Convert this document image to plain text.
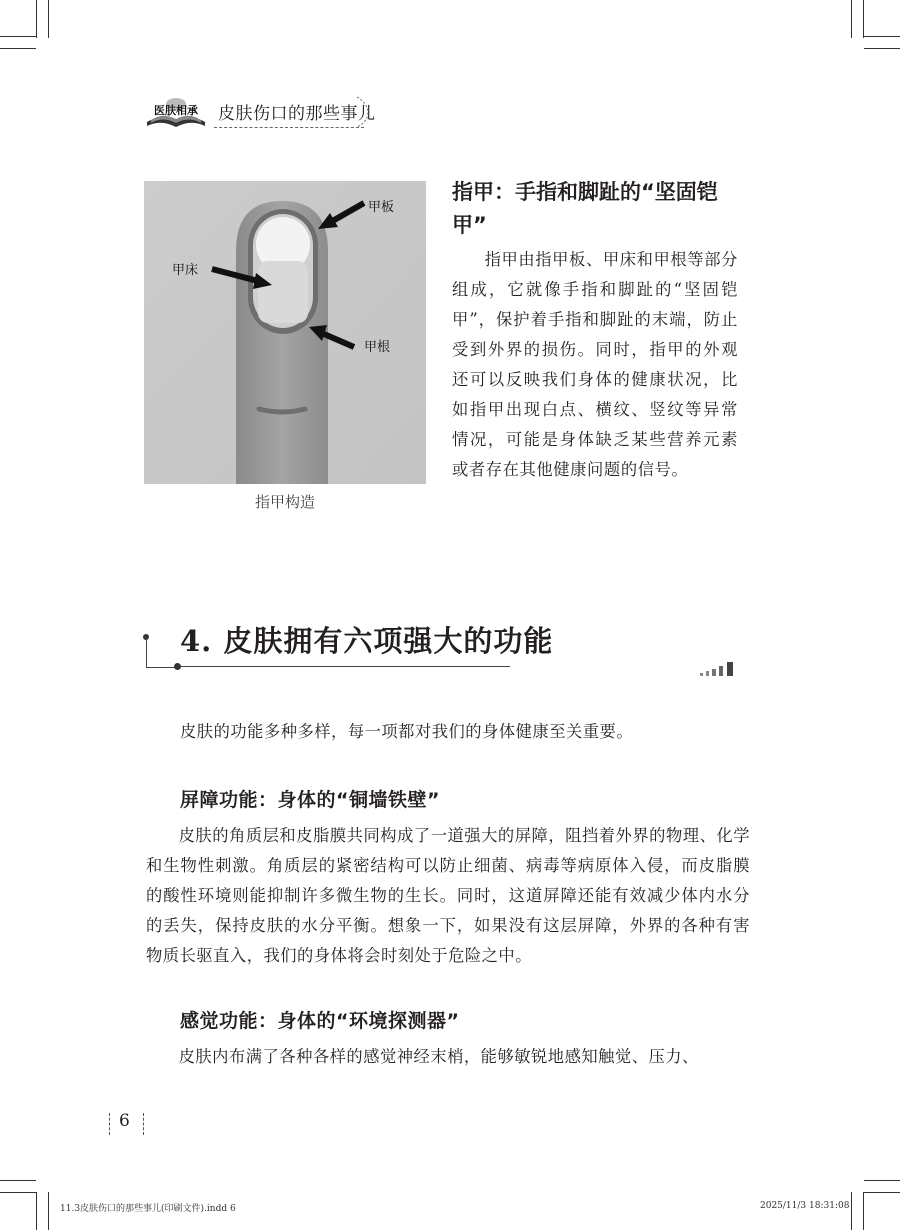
医肤相承 皮肤伤口的那些事儿
甲板
甲床
甲根
指甲构造
指甲：手指和脚趾的“坚固铠甲”
指甲由指甲板、甲床和甲根等部分组成，它就像手指和脚趾的“坚固铠甲”，保护着手指和脚趾的末端，防止受到外界的损伤。同时，指甲的外观还可以反映我们身体的健康状况，比如指甲出现白点、横纹、竖纹等异常情况，可能是身体缺乏某些营养元素或者存在其他健康问题的信号。
4. 皮肤拥有六项强大的功能
皮肤的功能多种多样，每一项都对我们的身体健康至关重要。
屏障功能：身体的“铜墙铁壁”
皮肤的角质层和皮脂膜共同构成了一道强大的屏障，阻挡着外界的物理、化学和生物性刺激。角质层的紧密结构可以防止细菌、病毒等病原体入侵，而皮脂膜的酸性环境则能抑制许多微生物的生长。同时，这道屏障还能有效减少体内水分的丢失，保持皮肤的水分平衡。想象一下，如果没有这层屏障，外界的各种有害物质长驱直入，我们的身体将会时刻处于危险之中。
感觉功能：身体的“环境探测器”
皮肤内布满了各种各样的感觉神经末梢，能够敏锐地感知触觉、压力、
6
11.3皮肤伤口的那些事儿(印刷文件).indd 6	2025/11/3 18:31:08
